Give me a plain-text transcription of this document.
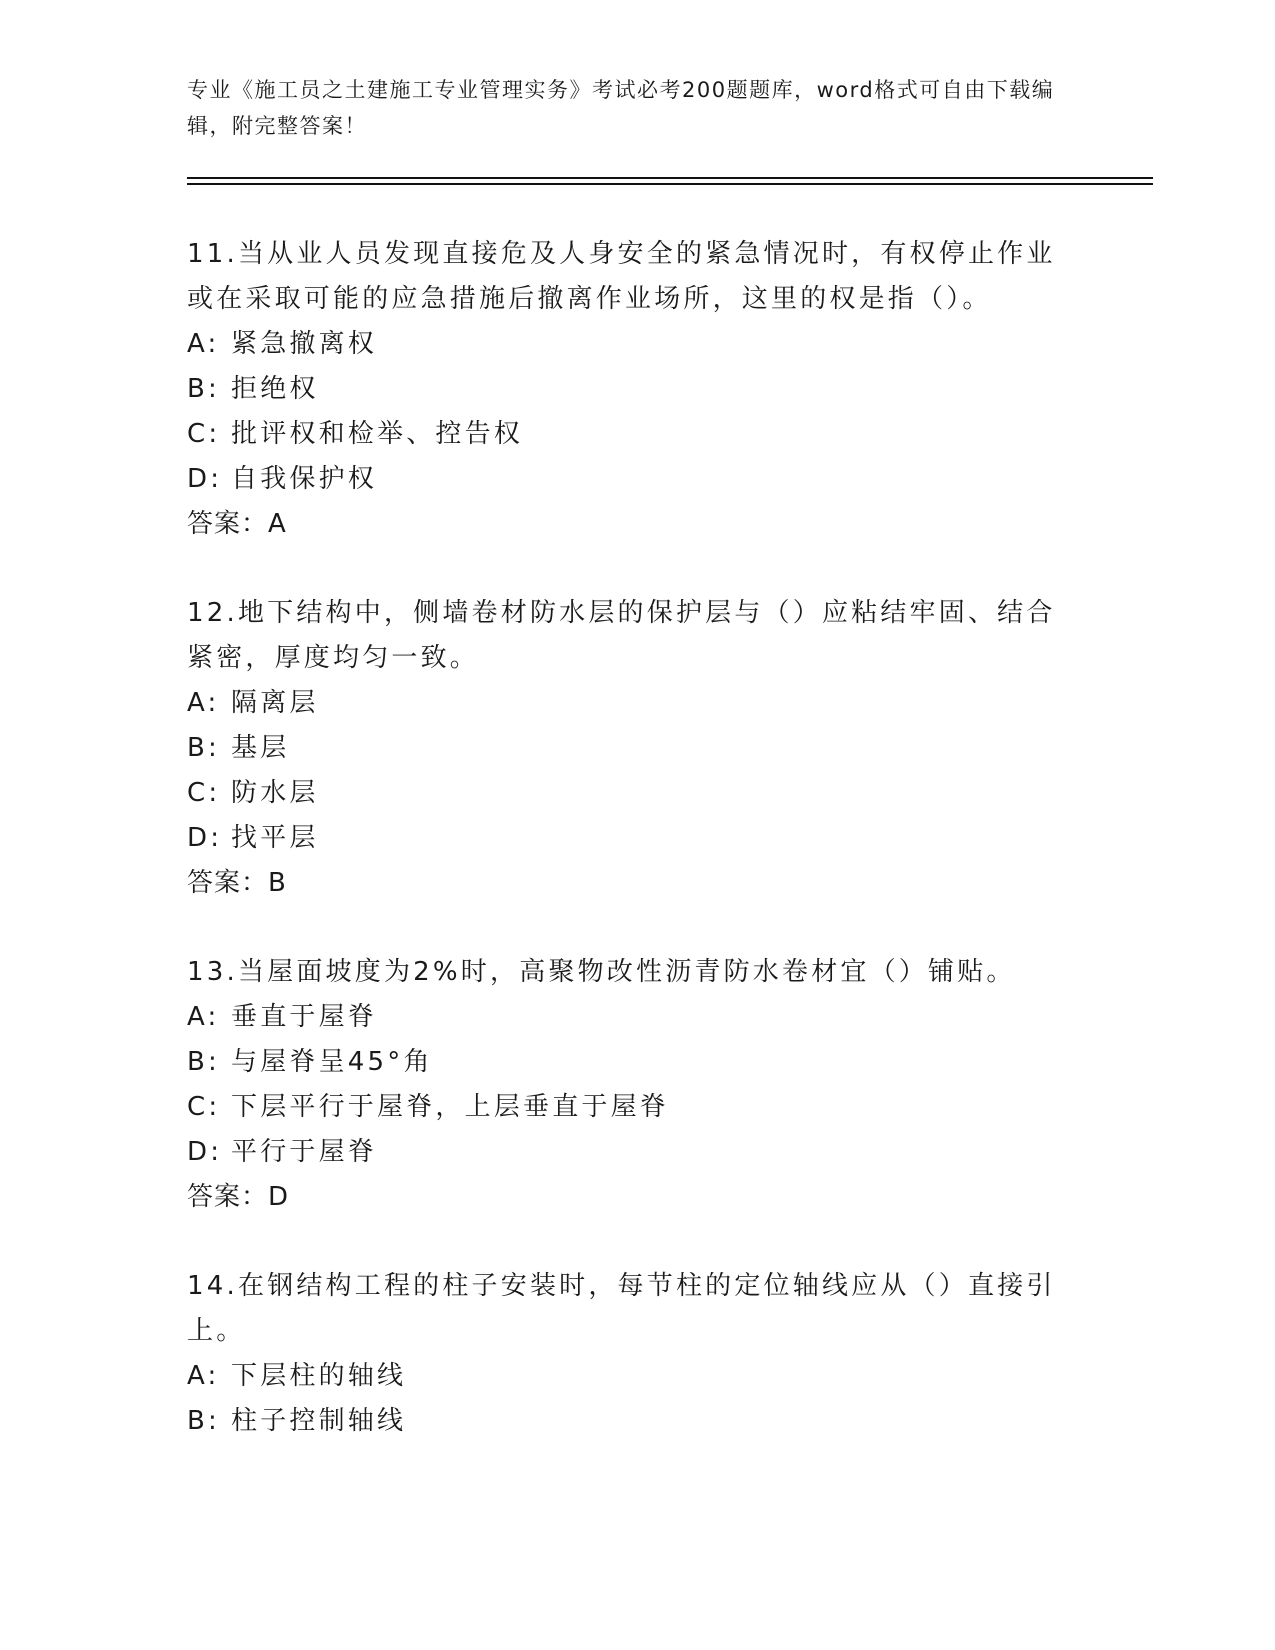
专业《施工员之土建施工专业管理实务》考试必考200题题库，word格式可自由下载编辑，附完整答案！
11.当从业人员发现直接危及人身安全的紧急情况时，有权停止作业或在采取可能的应急措施后撤离作业场所，这里的权是指（）。
A: 紧急撤离权
B: 拒绝权
C: 批评权和检举、控告权
D: 自我保护权
答案：A
12.地下结构中，侧墙卷材防水层的保护层与（）应粘结牢固、结合紧密，厚度均匀一致。
A: 隔离层
B: 基层
C: 防水层
D: 找平层
答案：B
13.当屋面坡度为2%时，高聚物改性沥青防水卷材宜（）铺贴。
A: 垂直于屋脊
B: 与屋脊呈45°角
C: 下层平行于屋脊，上层垂直于屋脊
D: 平行于屋脊
答案：D
14.在钢结构工程的柱子安装时，每节柱的定位轴线应从（）直接引上。
A: 下层柱的轴线
B: 柱子控制轴线
